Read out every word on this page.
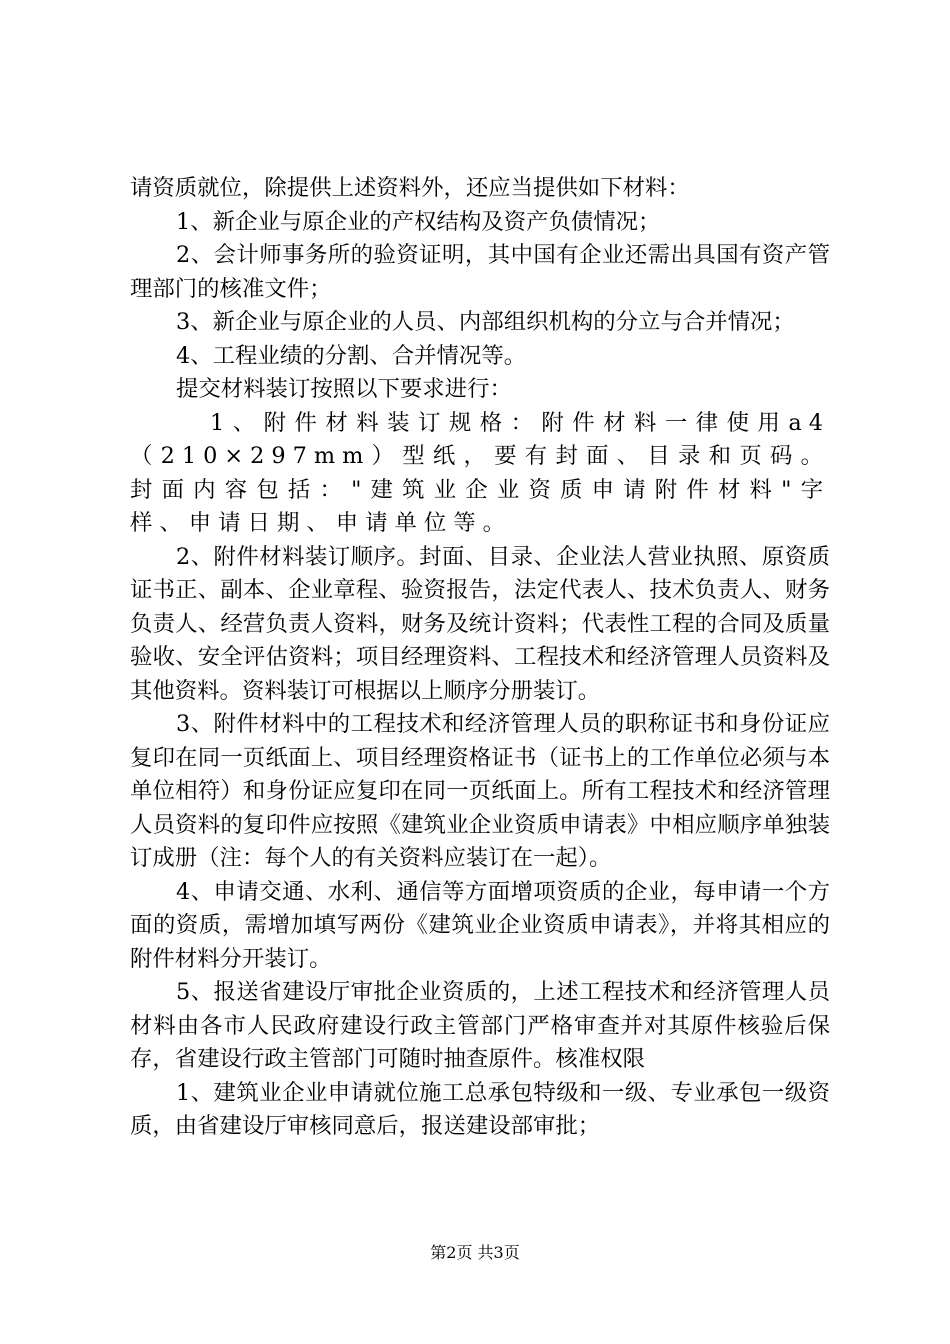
请资质就位，除提供上述资料外，还应当提供如下材料：

1、新企业与原企业的产权结构及资产负债情况；

2、会计师事务所的验资证明，其中国有企业还需出具国有资产管理部门的核准文件；

3、新企业与原企业的人员、内部组织机构的分立与合并情况；

4、工程业绩的分割、合并情况等。

提交材料装订按照以下要求进行：

1、附件材料装订规格：附件材料一律使用a4（210×297mm）型纸，要有封面、目录和页码。封面内容包括："建筑业企业资质申请附件材料"字样、申请日期、申请单位等。

2、附件材料装订顺序。封面、目录、企业法人营业执照、原资质证书正、副本、企业章程、验资报告，法定代表人、技术负责人、财务负责人、经营负责人资料，财务及统计资料；代表性工程的合同及质量验收、安全评估资料；项目经理资料、工程技术和经济管理人员资料及其他资料。资料装订可根据以上顺序分册装订。

3、附件材料中的工程技术和经济管理人员的职称证书和身份证应复印在同一页纸面上、项目经理资格证书（证书上的工作单位必须与本单位相符）和身份证应复印在同一页纸面上。所有工程技术和经济管理人员资料的复印件应按照《建筑业企业资质申请表》中相应顺序单独装订成册（注：每个人的有关资料应装订在一起）。

4、申请交通、水利、通信等方面增项资质的企业，每申请一个方面的资质，需增加填写两份《建筑业企业资质申请表》，并将其相应的附件材料分开装订。

5、报送省建设厅审批企业资质的，上述工程技术和经济管理人员材料由各市人民政府建设行政主管部门严格审查并对其原件核验后保存，省建设行政主管部门可随时抽查原件。核准权限

1、建筑业企业申请就位施工总承包特级和一级、专业承包一级资质，由省建设厅审核同意后，报送建设部审批；

第2页 共3页
